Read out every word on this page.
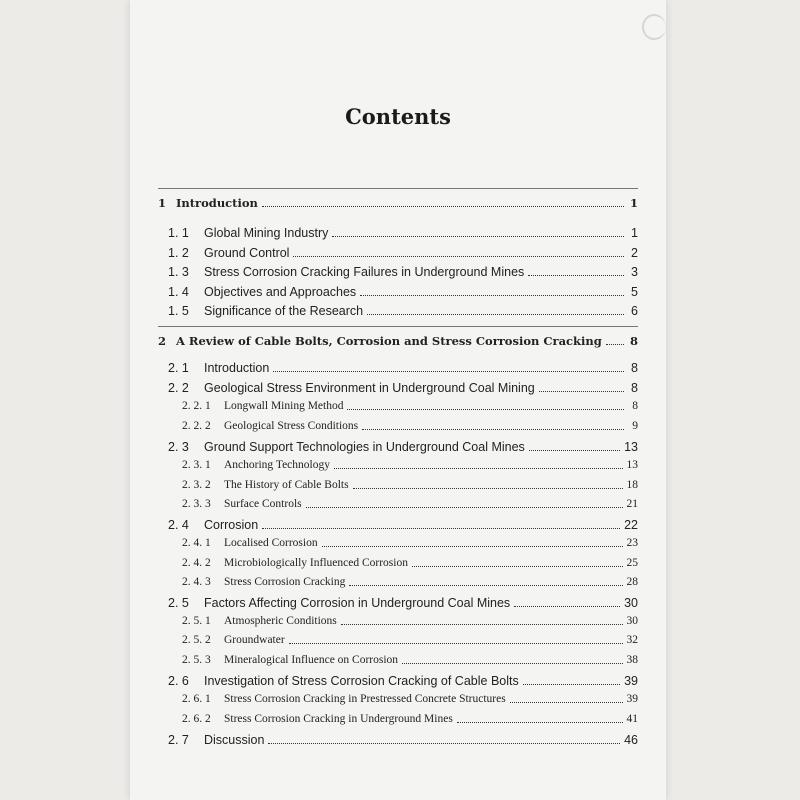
Contents
1 Introduction	1
1. 1	Global Mining Industry	1
1. 2	Ground Control	2
1. 3	Stress Corrosion Cracking Failures in Underground Mines	3
1. 4	Objectives and Approaches	5
1. 5	Significance of the Research	6
2 A Review of Cable Bolts, Corrosion and Stress Corrosion Cracking 8
2. 1	Introduction	8
2. 2	Geological Stress Environment in Underground Coal Mining	8
2. 2. 1	Longwall Mining Method	8
2. 2. 2	Geological Stress Conditions	9
2. 3	Ground Support Technologies in Underground Coal Mines	13
2. 3. 1	Anchoring Technology	13
2. 3. 2	The History of Cable Bolts	18
2. 3. 3	Surface Controls	21
2. 4	Corrosion	22
2. 4. 1	Localised Corrosion	23
2. 4. 2	Microbiologically Influenced Corrosion	25
2. 4. 3	Stress Corrosion Cracking	28
2. 5	Factors Affecting Corrosion in Underground Coal Mines	30
2. 5. 1	Atmospheric Conditions	30
2. 5. 2	Groundwater	32
2. 5. 3	Mineralogical Influence on Corrosion	38
2. 6	Investigation of Stress Corrosion Cracking of Cable Bolts	39
2. 6. 1	Stress Corrosion Cracking in Prestressed Concrete Structures	39
2. 6. 2	Stress Corrosion Cracking in Underground Mines	41
2. 7	Discussion	46
